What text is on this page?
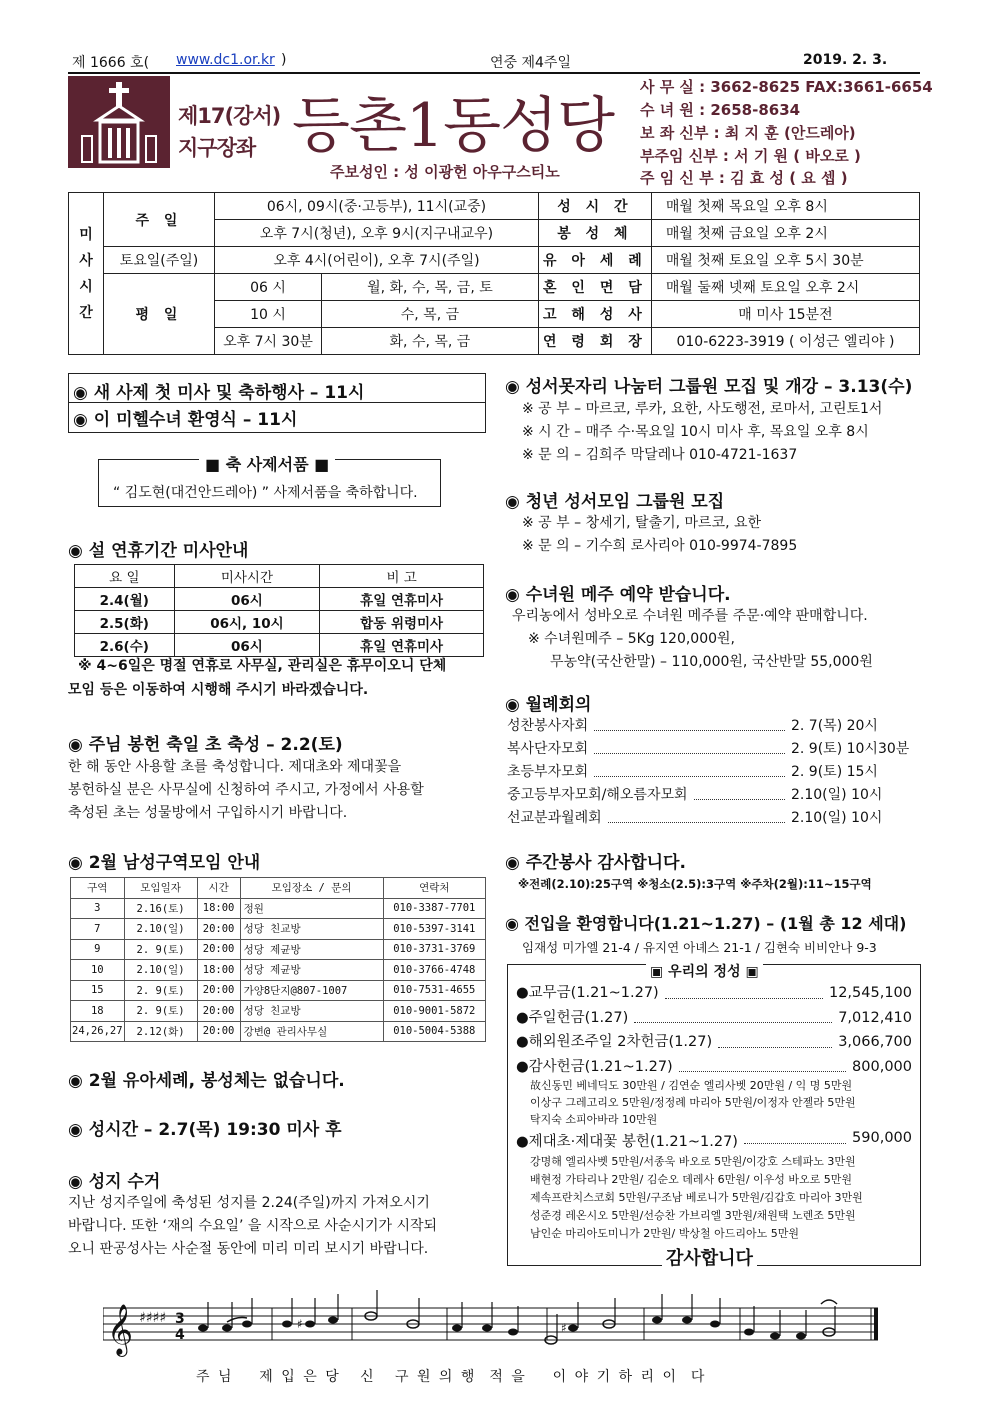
제 1666 호( www.dc1.or.kr )	연중 제4주일	2019. 2. 3.
제17(강서)
지구장좌 등촌1동성당
주보성인 : 성 이광헌 아우구스티노
사 무 실 : 3662-8625 FAX:3661-6654
수 녀 원 : 2658-8634
보 좌 신부 : 최 지 훈 (안드레아)
부주임 신부 : 서 기 원 ( 바오로 )
주 임 신 부 : 김 효 성 ( 요 셉 )
미
사
시
간	주 일	06시, 09시(중·고등부), 11시(교중)		성 시 간	매월 첫째 목요일 오후 8시
		오후 7시(청년), 오후 9시(지구내교우)		봉 성 체	매월 첫째 금요일 오후 2시
	토요일(주일)	오후 4시(어린이), 오후 7시(주일)		유 아 세 례	매월 첫째 토요일 오후 5시 30분
	평 일	06 시	월, 화, 수, 목, 금, 토	혼 인 면 담	매월 둘째 넷째 토요일 오후 2시
		10 시	수, 목, 금	고 해 성 사	매 미사 15분전
		오후 7시 30분	화, 수, 목, 금	연 령 회 장	010-6223-3919 ( 이성근 엘리야 )
◉ 새 사제 첫 미사 및 축하행사 – 11시
◉ 이 미헬수녀 환영식 – 11시
■ 축 사제서품 ■
“ 김도현(대건안드레아) ” 사제서품을 축하합니다.
◉ 설 연휴기간 미사안내
요 일	미사시간	비 고
2.4(월)	06시	휴일 연휴미사
2.5(화)	06시, 10시	합동 위령미사
2.6(수)	06시	휴일 연휴미사
※ 4~6일은 명절 연휴로 사무실, 관리실은 휴무이오니 단체
모임 등은 이동하여 시행해 주시기 바라겠습니다.
◉ 주님 봉헌 축일 초 축성 – 2.2(토)
한 해 동안 사용할 초를 축성합니다. 제대초와 제대꽃을
봉헌하실 분은 사무실에 신청하여 주시고, 가정에서 사용할
축성된 초는 성물방에서 구입하시기 바랍니다.
◉ 2월 남성구역모임 안내
구역	모임일자	시간	모임장소 / 문의	연락처
3	2.16(토)	18:00	정원	010-3387-7701
7	2.10(일)	20:00	성당 친교방	010-5397-3141
9	2. 9(토)	20:00	성당 제균방	010-3731-3769
10	2.10(일)	18:00	성당 제균방	010-3766-4748
15	2. 9(토)	20:00	가양8단지@807-1007	010-7531-4655
18	2. 9(토)	20:00	성당 친교방	010-9001-5872
24,26,27	2.12(화)	20:00	강변@ 관리사무실	010-5004-5388
◉ 2월 유아세례, 봉성체는 없습니다.
◉ 성시간 – 2.7(목) 19:30 미사 후
◉ 성지 수거
지난 성지주일에 축성된 성지를 2.24(주일)까지 가져오시기
바랍니다. 또한 ‘재의 수요일’ 을 시작으로 사순시기가 시작되
오니 판공성사는 사순절 동안에 미리 미리 보시기 바랍니다.
◉ 성서못자리 나눔터 그룹원 모집 및 개강 – 3.13(수)
※ 공 부 – 마르코, 루카, 요한, 사도행전, 로마서, 고린토1서
※ 시 간 – 매주 수·목요일 10시 미사 후, 목요일 오후 8시
※ 문 의 – 김희주 막달레나 010-4721-1637
◉ 청년 성서모임 그룹원 모집
※ 공 부 – 창세기, 탈출기, 마르코, 요한
※ 문 의 – 기수희 로사리아 010-9974-7895
◉ 수녀원 메주 예약 받습니다.
우리농에서 성바오로 수녀원 메주를 주문·예약 판매합니다.
※ 수녀원메주 – 5Kg 120,000원,
무농약(국산한말) – 110,000원, 국산반말 55,000원
◉ 월례회의
성찬봉사자회	2. 7(목) 20시
복사단자모회	2. 9(토) 10시30분
초등부자모회	2. 9(토) 15시
중고등부자모회/해오름자모회	2.10(일) 10시
선교분과월례회	2.10(일) 10시
◉ 주간봉사 감사합니다.
※전례(2.10):25구역 ※청소(2.5):3구역 ※주차(2월):11~15구역
◉ 전입을 환영합니다(1.21~1.27) – (1월 총 12 세대)
임재성 미가엘 21-4 / 유지연 아녜스 21-1 / 김현숙 비비안나 9-3
▣ 우리의 정성 ▣
●교무금(1.21~1.27)	12,545,100
●주일헌금(1.27)	7,012,410
●해외원조주일 2차헌금(1.27)	3,066,700
●감사헌금(1.21~1.27)	800,000
故신동민 베네딕도 30만원 / 김연순 엘리사벳 20만원 / 익 명 5만원
이상구 그레고리오 5만원/정정례 마리아 5만원/이정자 안젤라 5만원
탁지숙 소피아바라 10만원
●제대초·제대꽃 봉헌(1.21~1.27)	590,000
강명해 엘리사벳 5만원/서종욱 바오로 5만원/이강호 스테파노 3만원
배현정 가타리나 2만원/ 김순오 데레사 6만원/ 이우성 바오로 5만원
제속프란치스코회 5만원/구조남 베로니가 5만원/김갑호 마리아 3만원
성준경 레온시오 5만원/선승찬 가브리엘 3만원/채원택 노렌조 5만원
남인순 마리아도미니가 2만원/ 박상철 아드리아노 5만원
감사합니다
𝄞 ♯♯♯♯ 3
4
♯	♯
주 님    제 입 은 당   신   구 원 의 행  적 을    이 야 기 하 리 이  다
